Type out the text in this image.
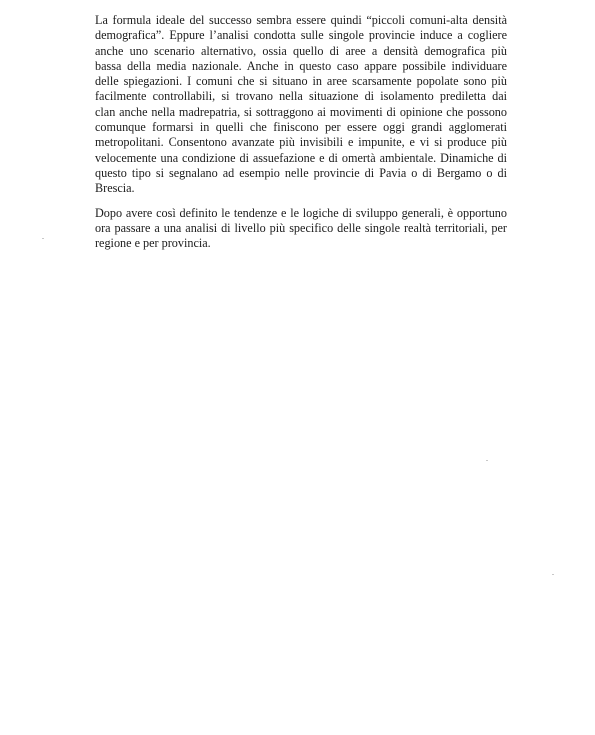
La formula ideale del successo sembra essere quindi “piccoli comuni-alta densità
demografica”. Eppure l’analisi condotta sulle singole provincie induce a cogliere
anche uno scenario alternativo, ossia quello di aree a densità demografica più
bassa della media nazionale. Anche in questo caso appare possibile individuare
delle spiegazioni. I comuni che si situano in aree scarsamente popolate sono più
facilmente controllabili, si trovano nella situazione di isolamento prediletta dai
clan anche nella madrepatria, si sottraggono ai movimenti di opinione che possono
comunque formarsi in quelli che finiscono per essere oggi grandi agglomerati
metropolitani. Consentono avanzate più invisibili e impunite, e vi si produce più
velocemente una condizione di assuefazione e di omertà ambientale. Dinamiche di
questo tipo si segnalano ad esempio nelle provincie di Pavia o di Bergamo o di
Brescia.

Dopo avere così definito le tendenze e le logiche di sviluppo generali, è opportuno
ora passare a una analisi di livello più specifico delle singole realtà territoriali, per
regione e per provincia.
